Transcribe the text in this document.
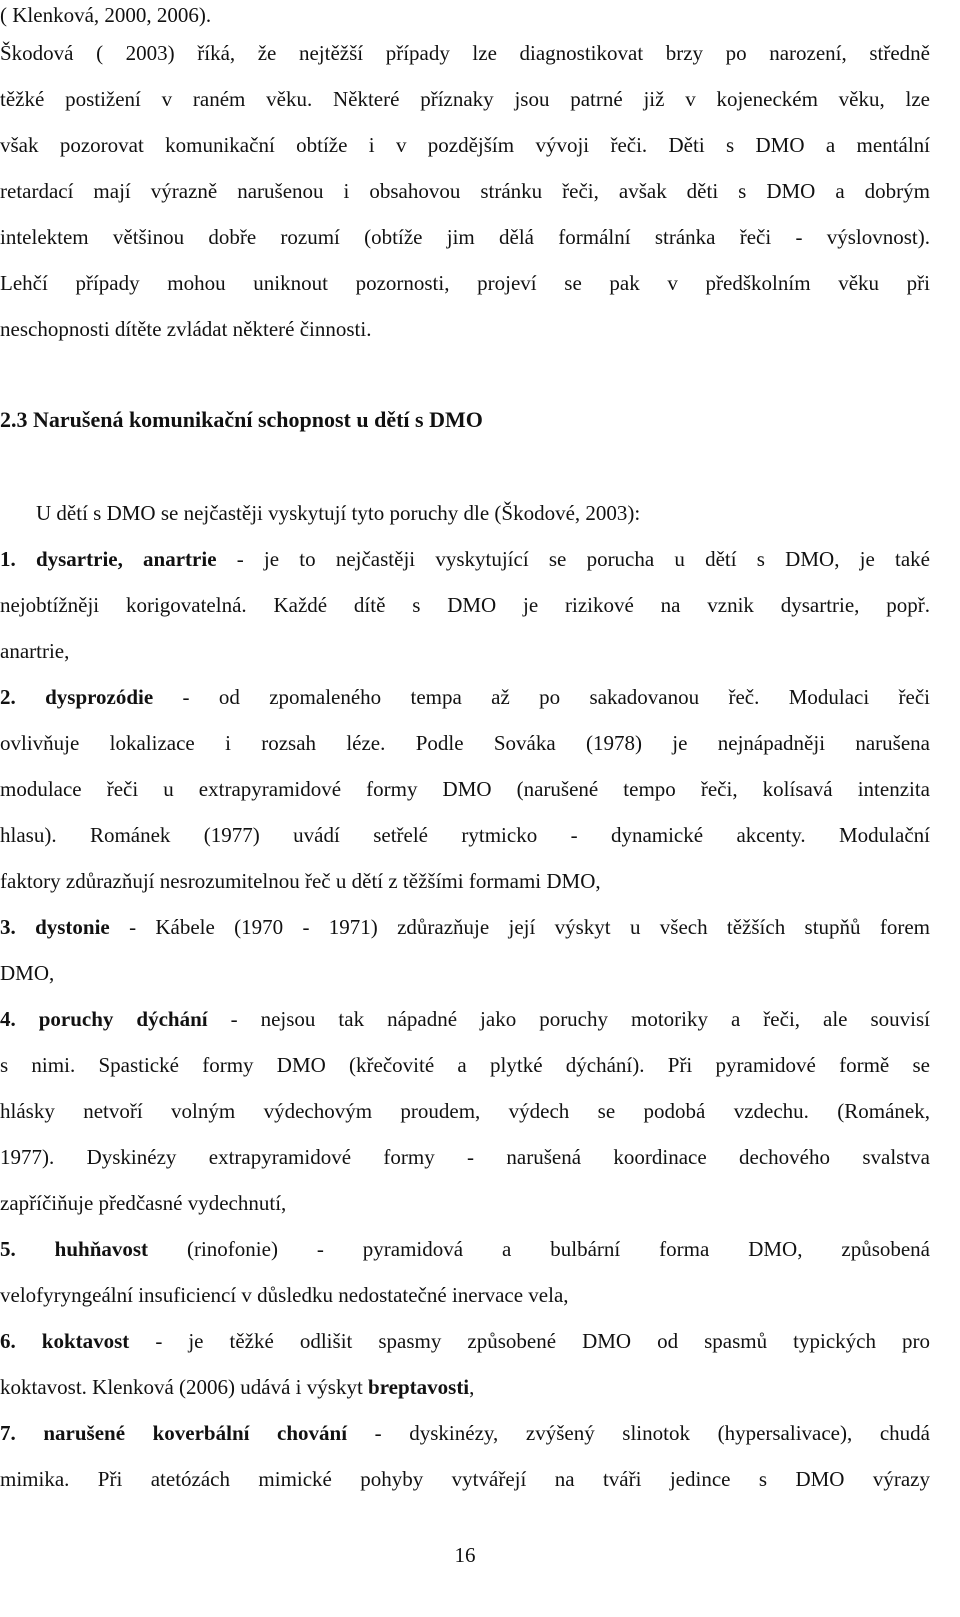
( Klenková, 2000, 2006).
Škodová ( 2003) říká, že nejtěžší případy lze diagnostikovat brzy po narození, středně
těžké postižení v raném věku. Některé příznaky jsou patrné již v kojeneckém věku, lze
však pozorovat komunikační obtíže i v pozdějším vývoji řeči. Děti s DMO a mentální
retardací mají výrazně narušenou i obsahovou stránku řeči, avšak děti s DMO a dobrým
intelektem většinou dobře rozumí (obtíže jim dělá formální stránka řeči - výslovnost).
Lehčí případy mohou uniknout pozornosti, projeví se pak v předškolním věku při
neschopnosti dítěte zvládat některé činnosti.
2.3 Narušená komunikační schopnost u dětí s DMO
U dětí s DMO se nejčastěji vyskytují tyto poruchy dle (Škodové, 2003):
1. dysartrie, anartrie - je to nejčastěji vyskytující se porucha u dětí s DMO, je také
nejobtížněji korigovatelná. Každé dítě s DMO je rizikové na vznik dysartrie, popř.
anartrie,
2. dysprozódie - od zpomaleného tempa až po sakadovanou řeč. Modulaci řeči
ovlivňuje lokalizace i rozsah léze. Podle Sováka (1978) je nejnápadněji narušena
modulace řeči u extrapyramidové formy DMO (narušené tempo řeči, kolísavá intenzita
hlasu). Románek (1977) uvádí setřelé rytmicko - dynamické akcenty. Modulační
faktory zdůrazňují nesrozumitelnou řeč u dětí z těžšími formami DMO,
3. dystonie - Kábele (1970 - 1971) zdůrazňuje její výskyt u všech těžších stupňů forem
DMO,
4. poruchy dýchání - nejsou tak nápadné jako poruchy motoriky a řeči, ale souvisí
s nimi. Spastické formy DMO (křečovité a plytké dýchání). Při pyramidové formě se
hlásky netvoří volným výdechovým proudem, výdech se podobá vzdechu. (Románek,
1977). Dyskinézy extrapyramidové formy - narušená koordinace dechového svalstva
zapříčiňuje předčasné vydechnutí,
5. huhňavost (rinofonie) - pyramidová a bulbární forma DMO, způsobená
velofyryngeální insuficiencí v důsledku nedostatečné inervace vela,
6. koktavost - je těžké odlišit spasmy způsobené DMO od spasmů typických pro
koktavost. Klenková (2006) udává i výskyt breptavosti,
7. narušené koverbální chování - dyskinézy, zvýšený slinotok (hypersalivace), chudá
mimika. Při atetózách mimické pohyby vytvářejí na tváři jedince s DMO výrazy
16
